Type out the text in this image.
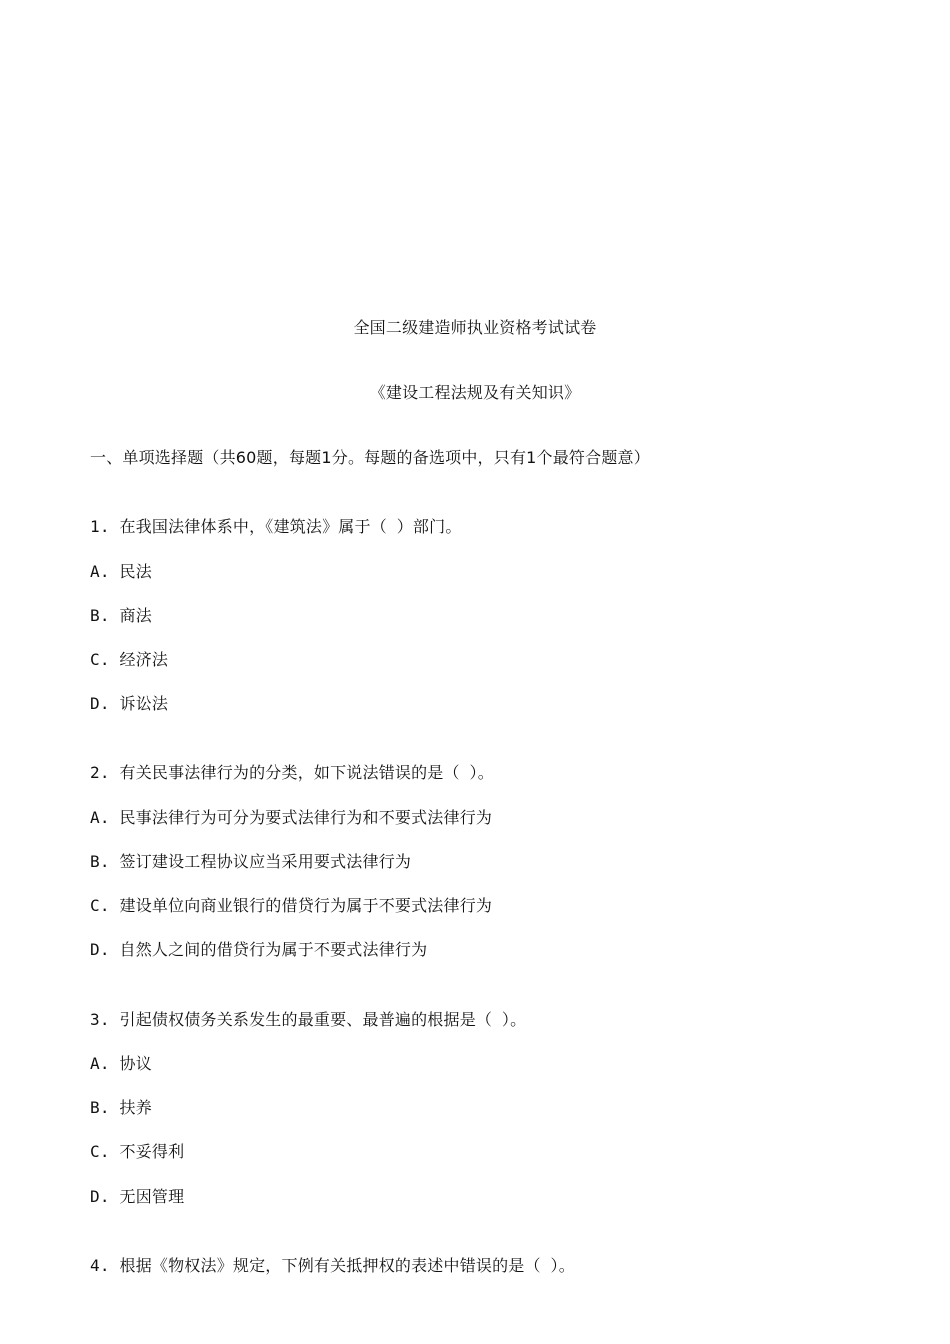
全国二级建造师执业资格考试试卷
《建设工程法规及有关知识》
一、单项选择题（共60题，每题1分。每题的备选项中，只有1个最符合题意）
1. 在我国法律体系中，《建筑法》属于（ ）部门。
A. 民法
B. 商法
C. 经济法
D. 诉讼法
2. 有关民事法律行为的分类，如下说法错误的是（ ）。
A. 民事法律行为可分为要式法律行为和不要式法律行为
B. 签订建设工程协议应当采用要式法律行为
C. 建设单位向商业银行的借贷行为属于不要式法律行为
D. 自然人之间的借贷行为属于不要式法律行为
3. 引起债权债务关系发生的最重要、最普遍的根据是（ ）。
A. 协议
B. 扶养
C. 不妥得利
D. 无因管理
4. 根据《物权法》规定，下例有关抵押权的表述中错误的是（ ）。
